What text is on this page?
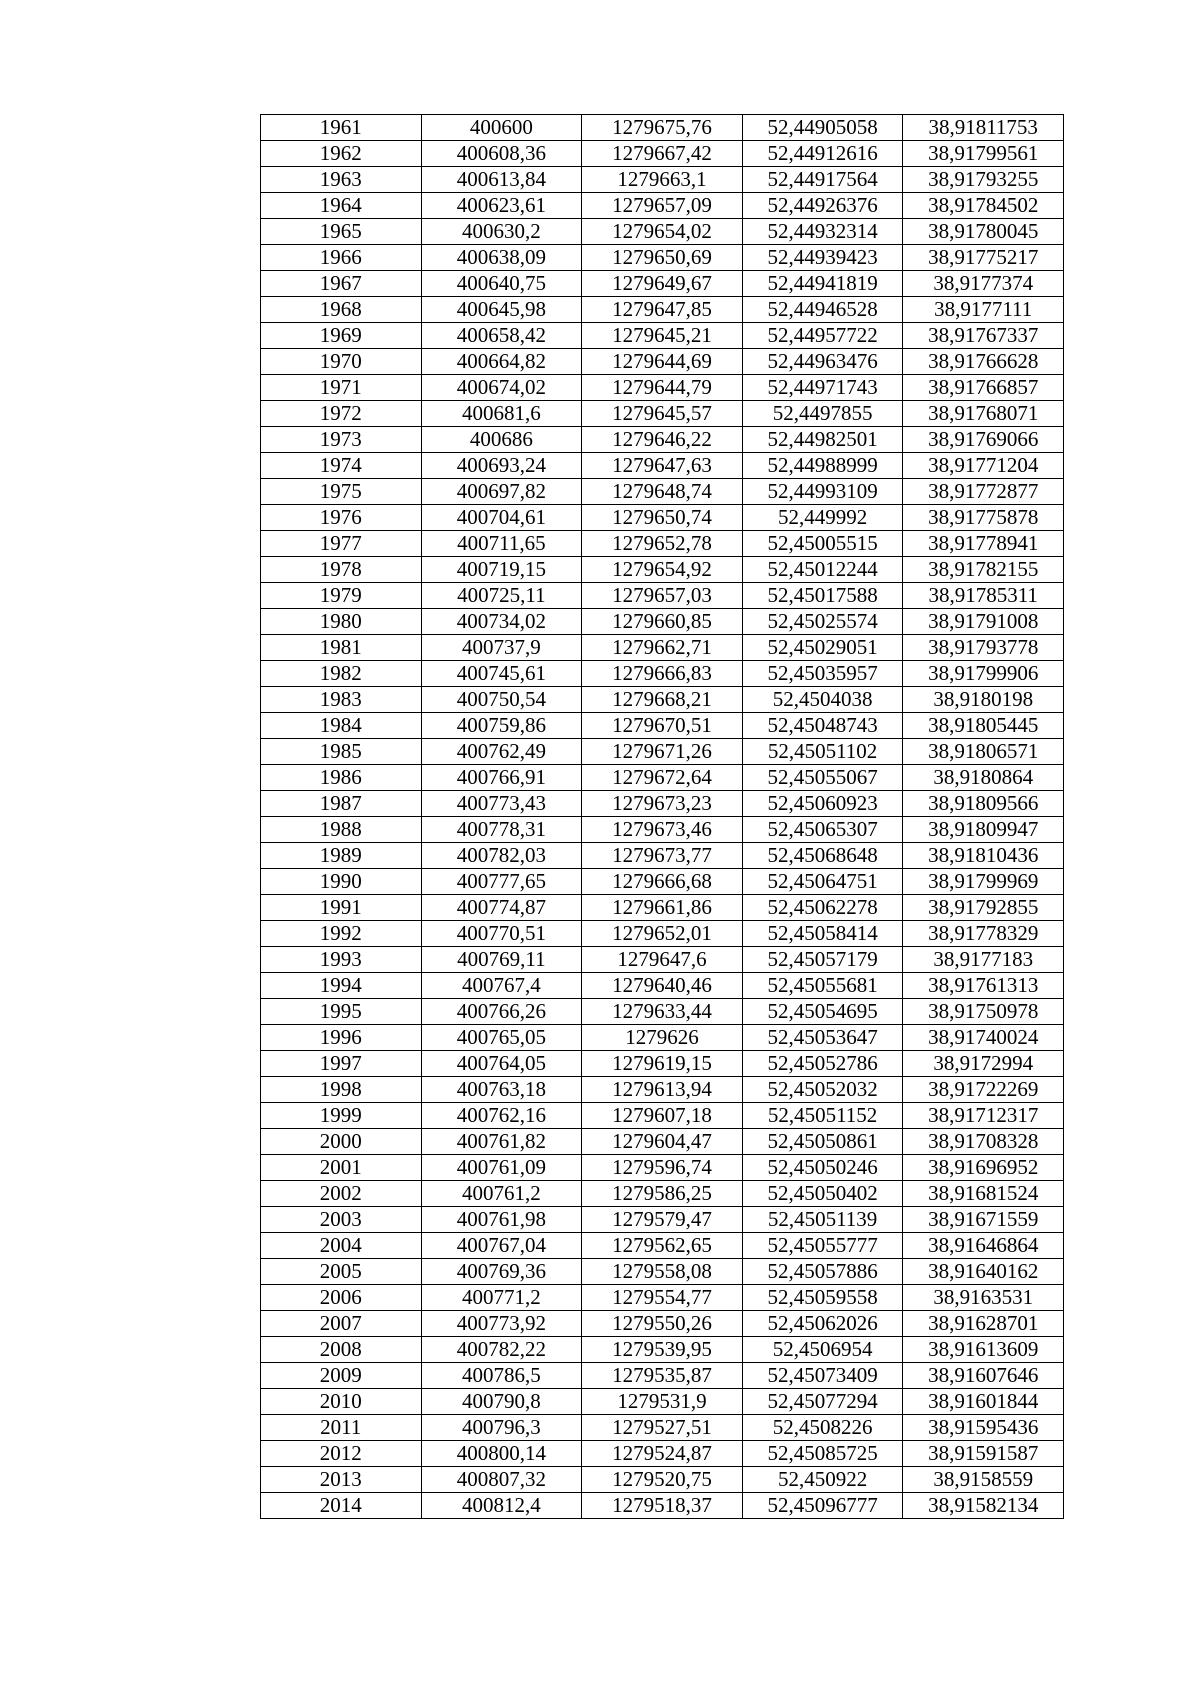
1961	400600	1279675,76	52,44905058	38,91811753
1962	400608,36	1279667,42	52,44912616	38,91799561
1963	400613,84	1279663,1	52,44917564	38,91793255
1964	400623,61	1279657,09	52,44926376	38,91784502
1965	400630,2	1279654,02	52,44932314	38,91780045
1966	400638,09	1279650,69	52,44939423	38,91775217
1967	400640,75	1279649,67	52,44941819	38,9177374
1968	400645,98	1279647,85	52,44946528	38,9177111
1969	400658,42	1279645,21	52,44957722	38,91767337
1970	400664,82	1279644,69	52,44963476	38,91766628
1971	400674,02	1279644,79	52,44971743	38,91766857
1972	400681,6	1279645,57	52,4497855	38,91768071
1973	400686	1279646,22	52,44982501	38,91769066
1974	400693,24	1279647,63	52,44988999	38,91771204
1975	400697,82	1279648,74	52,44993109	38,91772877
1976	400704,61	1279650,74	52,449992	38,91775878
1977	400711,65	1279652,78	52,45005515	38,91778941
1978	400719,15	1279654,92	52,45012244	38,91782155
1979	400725,11	1279657,03	52,45017588	38,91785311
1980	400734,02	1279660,85	52,45025574	38,91791008
1981	400737,9	1279662,71	52,45029051	38,91793778
1982	400745,61	1279666,83	52,45035957	38,91799906
1983	400750,54	1279668,21	52,4504038	38,9180198
1984	400759,86	1279670,51	52,45048743	38,91805445
1985	400762,49	1279671,26	52,45051102	38,91806571
1986	400766,91	1279672,64	52,45055067	38,9180864
1987	400773,43	1279673,23	52,45060923	38,91809566
1988	400778,31	1279673,46	52,45065307	38,91809947
1989	400782,03	1279673,77	52,45068648	38,91810436
1990	400777,65	1279666,68	52,45064751	38,91799969
1991	400774,87	1279661,86	52,45062278	38,91792855
1992	400770,51	1279652,01	52,45058414	38,91778329
1993	400769,11	1279647,6	52,45057179	38,9177183
1994	400767,4	1279640,46	52,45055681	38,91761313
1995	400766,26	1279633,44	52,45054695	38,91750978
1996	400765,05	1279626	52,45053647	38,91740024
1997	400764,05	1279619,15	52,45052786	38,9172994
1998	400763,18	1279613,94	52,45052032	38,91722269
1999	400762,16	1279607,18	52,45051152	38,91712317
2000	400761,82	1279604,47	52,45050861	38,91708328
2001	400761,09	1279596,74	52,45050246	38,91696952
2002	400761,2	1279586,25	52,45050402	38,91681524
2003	400761,98	1279579,47	52,45051139	38,91671559
2004	400767,04	1279562,65	52,45055777	38,91646864
2005	400769,36	1279558,08	52,45057886	38,91640162
2006	400771,2	1279554,77	52,45059558	38,9163531
2007	400773,92	1279550,26	52,45062026	38,91628701
2008	400782,22	1279539,95	52,4506954	38,91613609
2009	400786,5	1279535,87	52,45073409	38,91607646
2010	400790,8	1279531,9	52,45077294	38,91601844
2011	400796,3	1279527,51	52,4508226	38,91595436
2012	400800,14	1279524,87	52,45085725	38,91591587
2013	400807,32	1279520,75	52,450922	38,9158559
2014	400812,4	1279518,37	52,45096777	38,91582134
